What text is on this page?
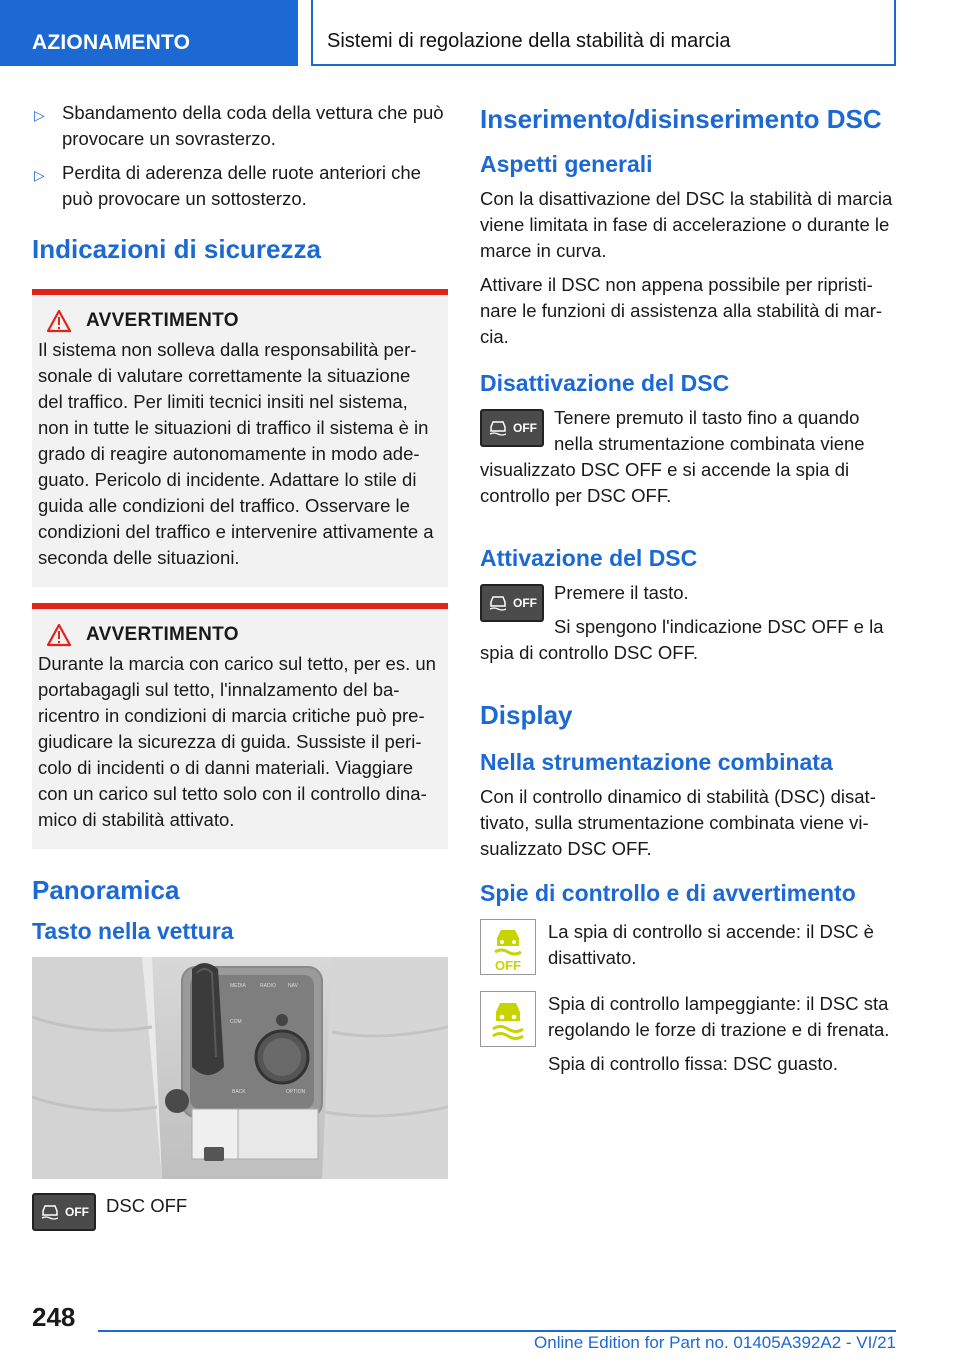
AZIONAMENTO	Sistemi di regolazione della stabilità di marcia
▷ Sbandamento della coda della vettura che può provocare un sovrasterzo.
▷ Perdita di aderenza delle ruote anteriori che può provocare un sottosterzo.
Indicazioni di sicurezza
AVVERTIMENTO

Il sistema non solleva dalla responsabilità personale di valutare correttamente la situazione del traffico. Per limiti tecnici insiti nel sistema, non in tutte le situazioni di traffico il sistema è in grado di reagire autonomamente in modo adeguato. Pericolo di incidente. Adattare lo stile di guida alle condizioni del traffico. Osservare le condizioni del traffico e intervenire attivamente a seconda delle situazioni.

AVVERTIMENTO

Durante la marcia con carico sul tetto, per es. un portabagagli sul tetto, l'innalzamento del baricentro in condizioni di marcia critiche può pregiudicare la sicurezza di guida. Sussiste il pericolo di incidenti o di danni materiali. Viaggiare con un carico sul tetto solo con il controllo dinamico di stabilità attivato.

Panoramica
Tasto nella vettura
MEDIA	RADIO NAV
COM
BACK	OPTION
OFF DSC OFF

Inserimento/disinserimento DSC
Aspetti generali

Con la disattivazione del DSC la stabilità di marcia viene limitata in fase di accelerazione o durante le marce in curva.

Attivare il DSC non appena possibile per ripristinare le funzioni di assistenza alla stabilità di marcia.

Disattivazione del DSC
OFF Tenere premuto il tasto fino a quando nella strumentazione combinata viene visualizzato DSC OFF e si accende la spia di controllo per DSC OFF.

Attivazione del DSC
OFF Premere il tasto.

Si spengono l'indicazione DSC OFF e la spia di controllo DSC OFF.

Display
Nella strumentazione combinata

Con il controllo dinamico di stabilità (DSC) disattivato, sulla strumentazione combinata viene visualizzato DSC OFF.

Spie di controllo e di avvertimento
OFF

La spia di controllo si accende: il DSC è disattivato.

Spia di controllo lampeggiante: il DSC sta regolando le forze di trazione e di frenata.

Spia di controllo fissa: DSC guasto.

248
Online Edition for Part no. 01405A392A2 - VI/21
